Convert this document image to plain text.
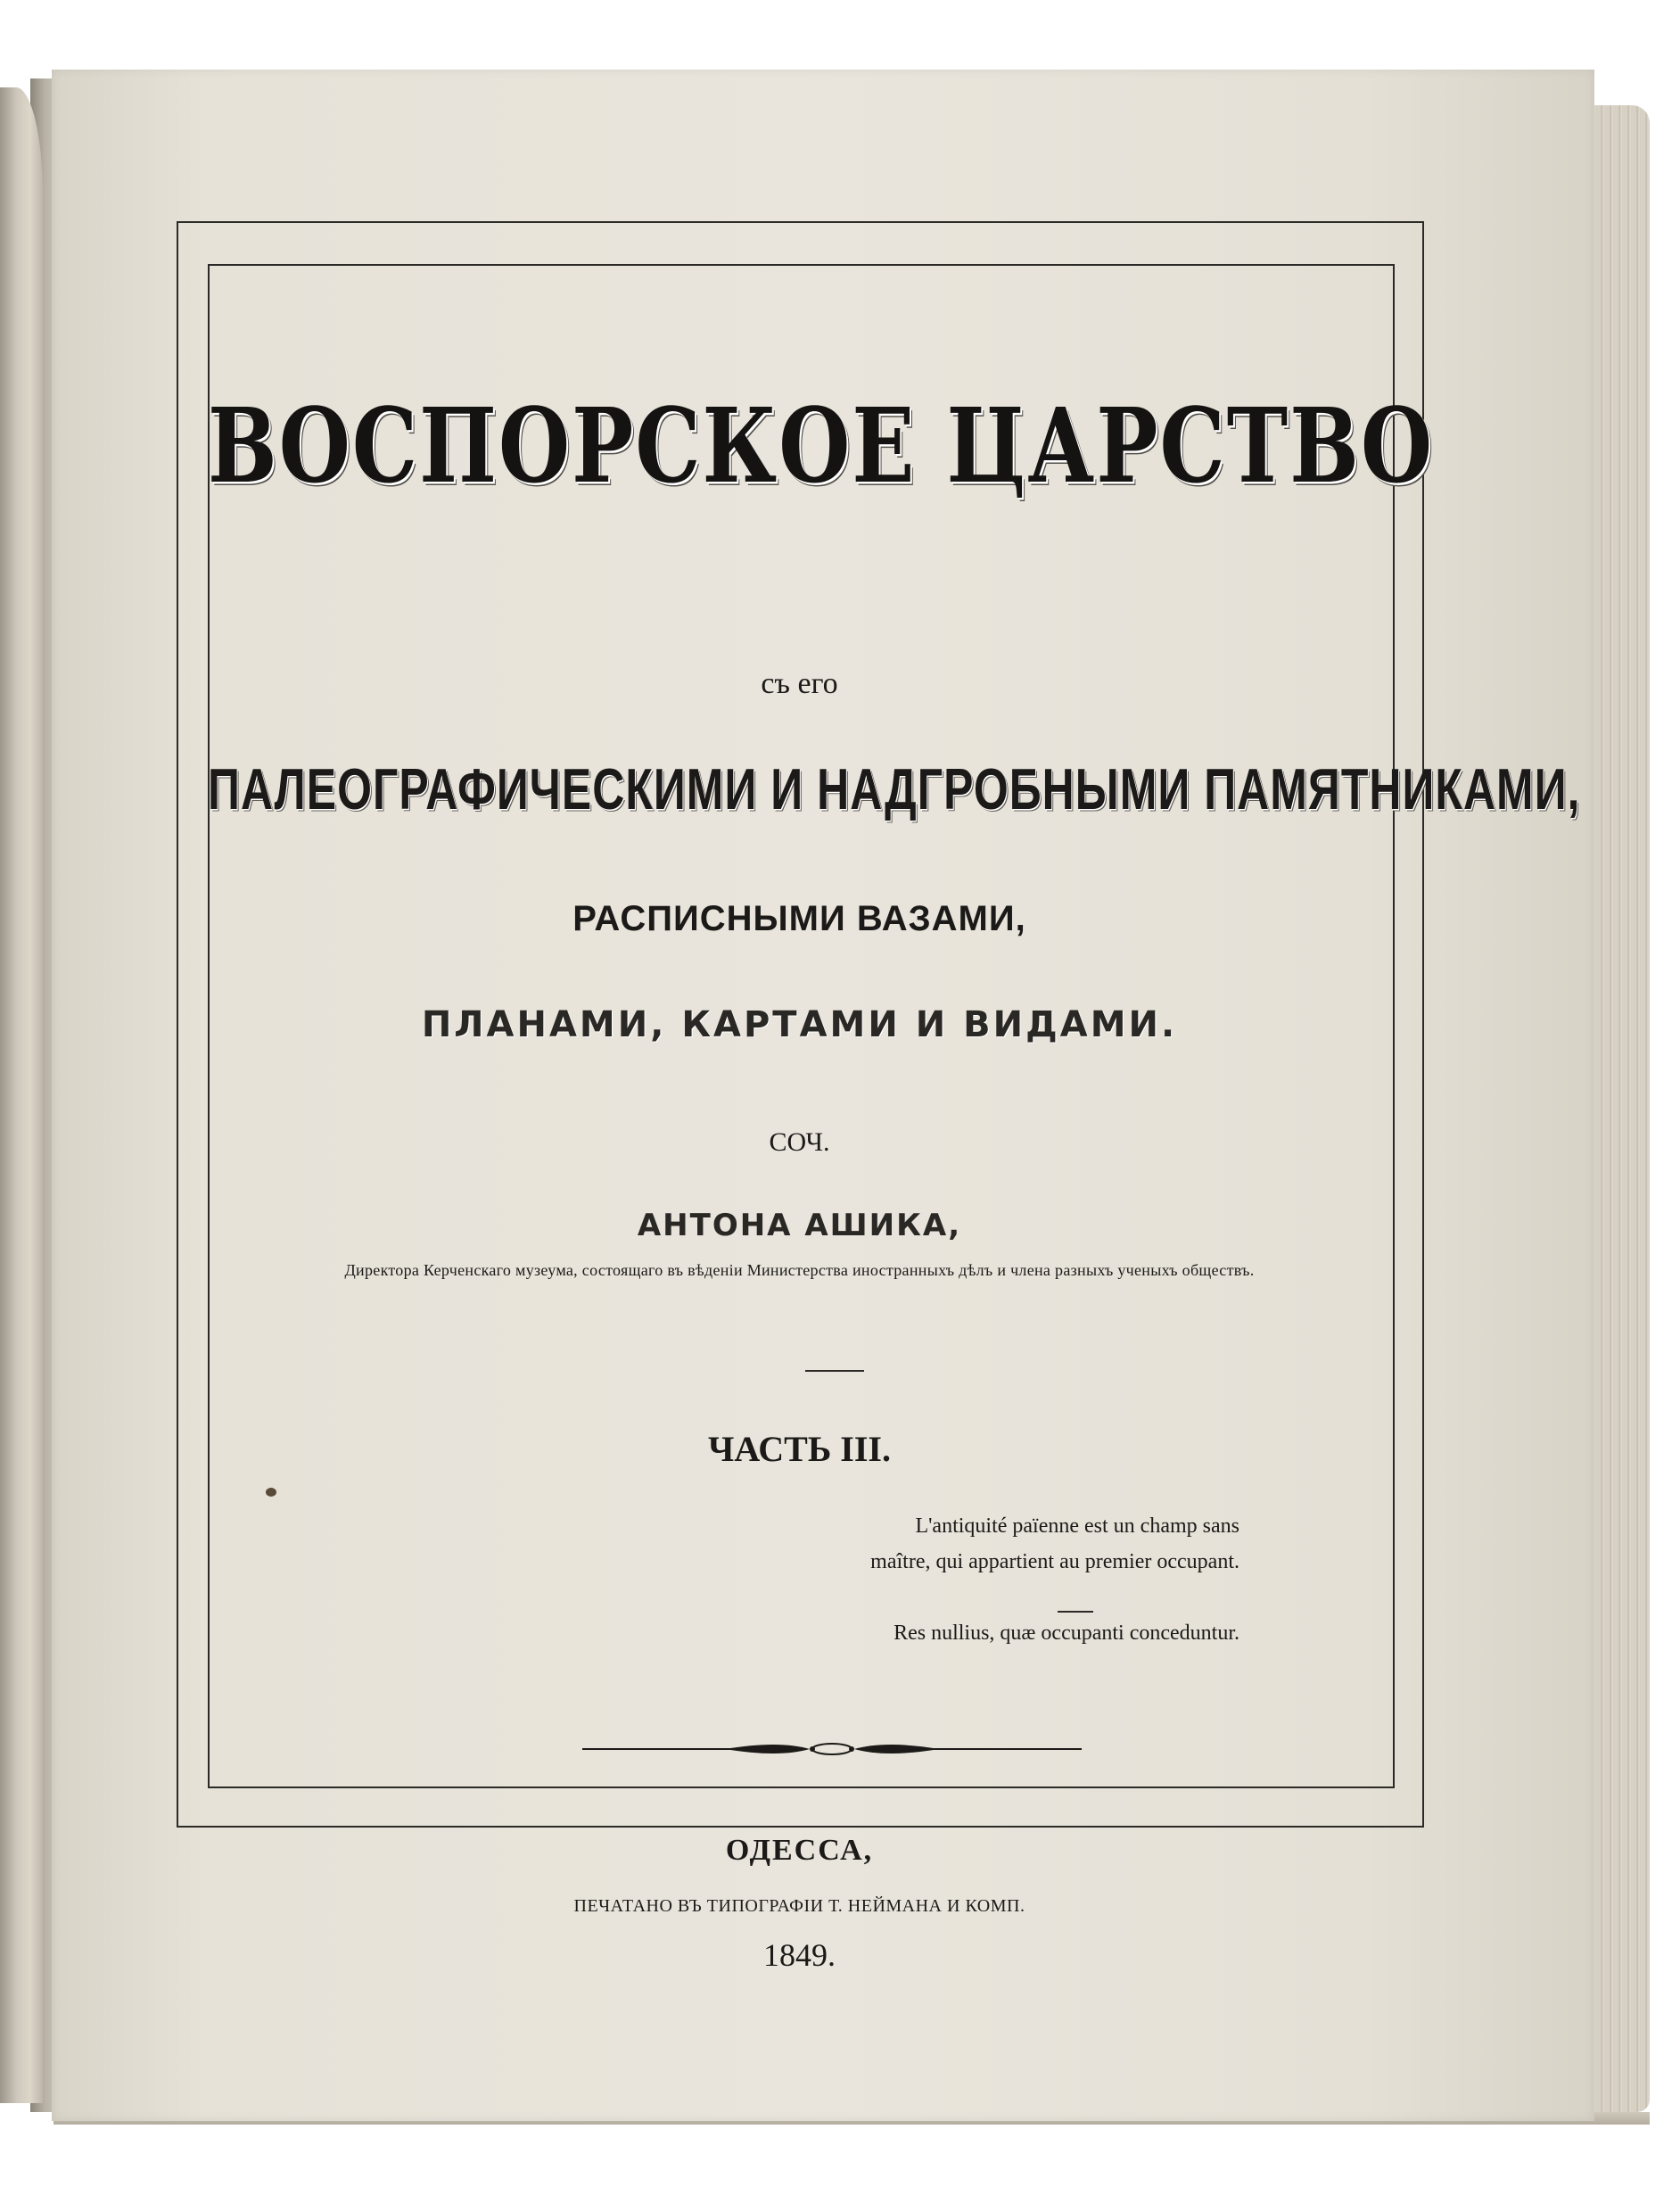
ВОСПОРСКОЕ ЦАРСТВО
съ его
ПАЛЕОГРАФИЧЕСКИМИ И НАДГРОБНЫМИ ПАМЯТНИКАМИ,
РАСПИСНЫМИ ВАЗАМИ,
ПЛАНАМИ, КАРТАМИ И ВИДАМИ.
СОЧ.
АНТОНА АШИКА,
Директора Керченскаго музеума, состоящаго въ вѣденіи Министерства иностранныхъ дѣлъ и члена разныхъ ученыхъ обществъ.
ЧАСТЬ III.
L'antiquité païenne est un champ sans
maître, qui appartient au premier occupant.
Res nullius, quæ occupanti conceduntur.
ОДЕССА,
ПЕЧАТАНО ВЪ ТИПОГРАФІИ Т. НЕЙМАНА И КОМП.
1849.
